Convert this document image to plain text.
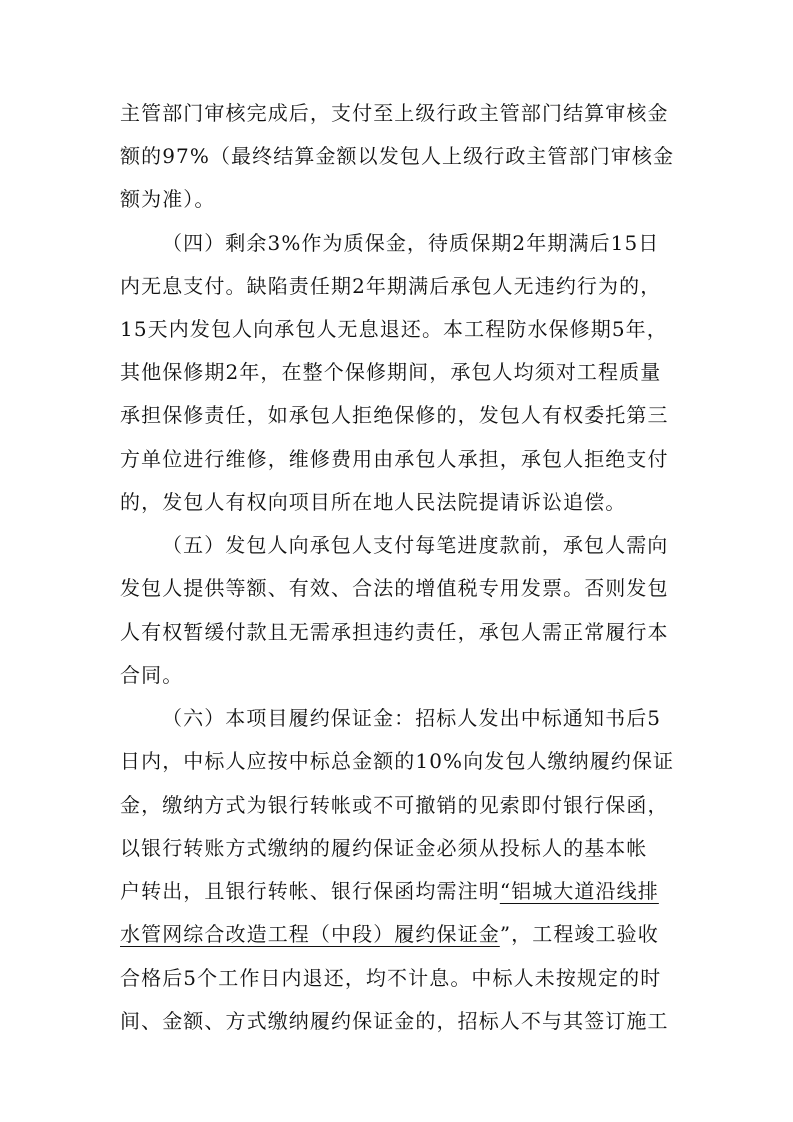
主管部门审核完成后，支付至上级行政主管部门结算审核金
额的97%（最终结算金额以发包人上级行政主管部门审核金
额为准）。
（四）剩余3%作为质保金，待质保期2年期满后15日
内无息支付。缺陷责任期2年期满后承包人无违约行为的，
15天内发包人向承包人无息退还。本工程防水保修期5年，
其他保修期2年，在整个保修期间，承包人均须对工程质量
承担保修责任，如承包人拒绝保修的，发包人有权委托第三
方单位进行维修，维修费用由承包人承担，承包人拒绝支付
的，发包人有权向项目所在地人民法院提请诉讼追偿。
（五）发包人向承包人支付每笔进度款前，承包人需向
发包人提供等额、有效、合法的增值税专用发票。否则发包
人有权暂缓付款且无需承担违约责任，承包人需正常履行本
合同。
（六）本项目履约保证金：招标人发出中标通知书后5
日内，中标人应按中标总金额的10%向发包人缴纳履约保证
金，缴纳方式为银行转帐或不可撤销的见索即付银行保函，
以银行转账方式缴纳的履约保证金必须从投标人的基本帐
户转出，且银行转帐、银行保函均需注明“铝城大道沿线排
水管网综合改造工程（中段）履约保证金”，工程竣工验收
合格后5个工作日内退还，均不计息。中标人未按规定的时
间、金额、方式缴纳履约保证金的，招标人不与其签订施工
